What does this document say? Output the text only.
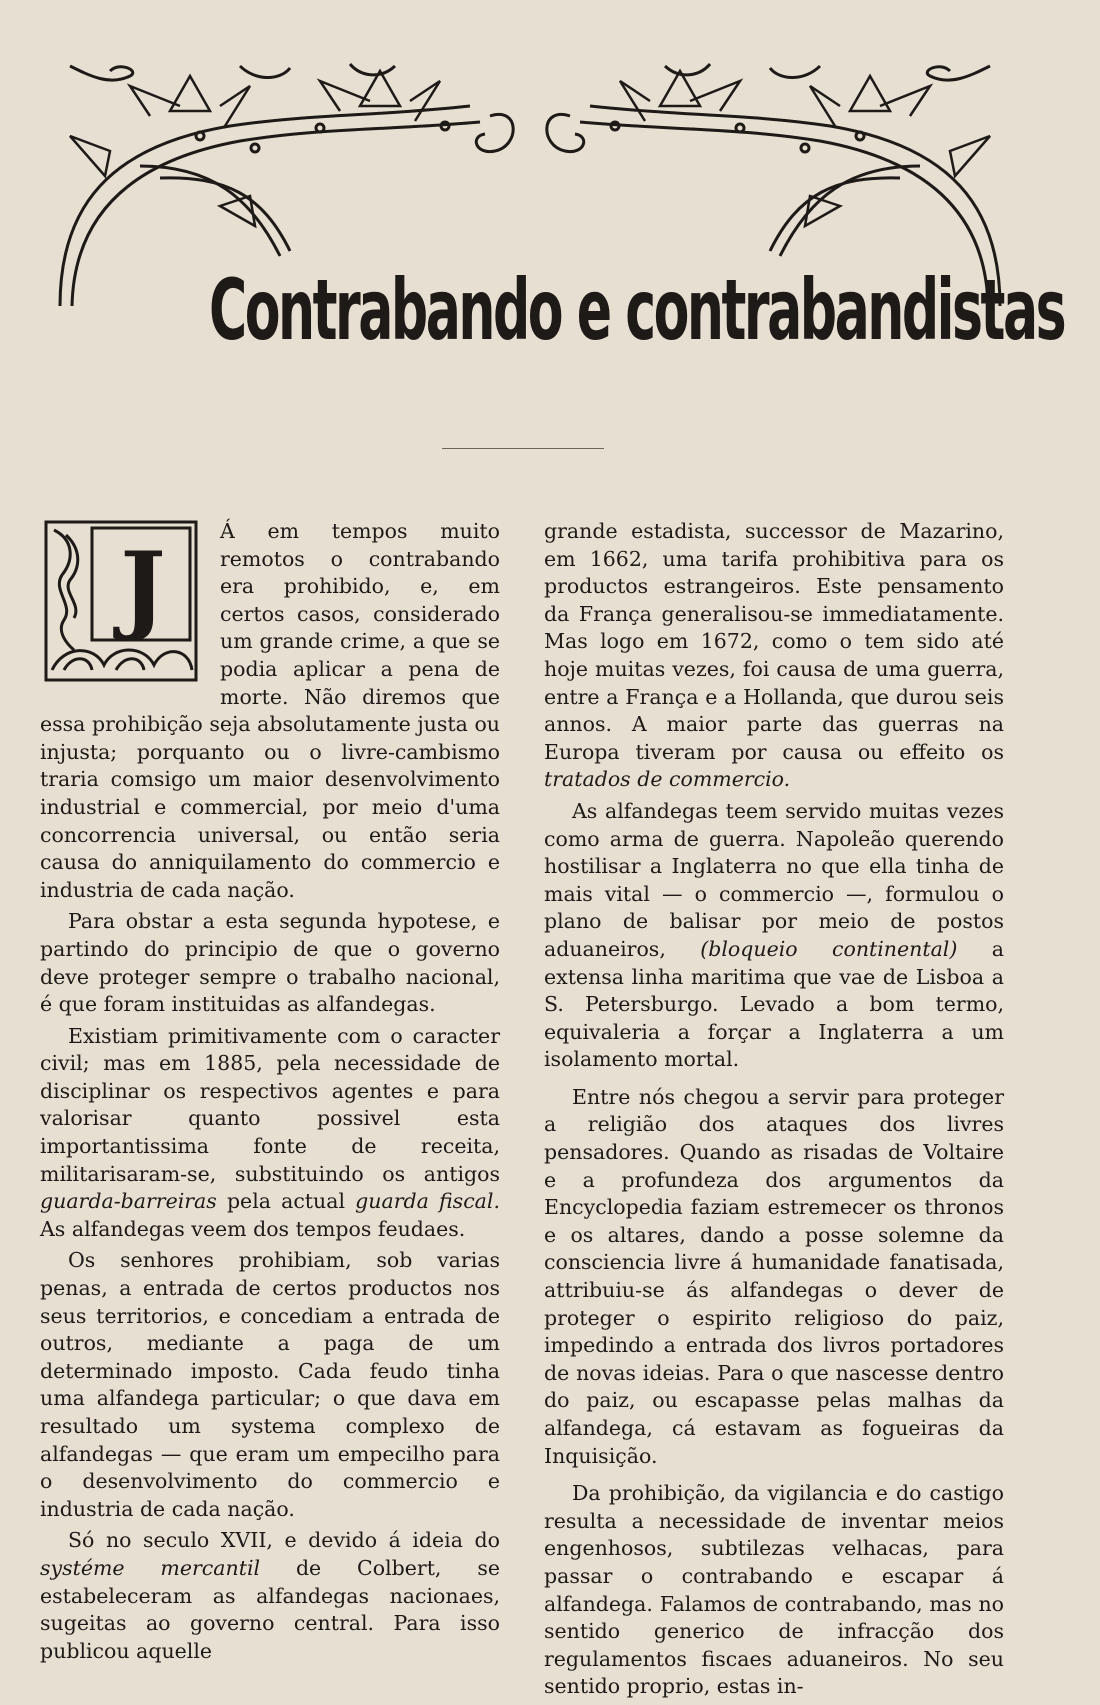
Contrabando e contrabandistas
J	Á em tempos muito remotos o contrabando era prohibido, e, em certos casos, considerado um grande crime, a que se podia aplicar a pena de morte. Não diremos que essa prohibição seja absolutamente justa ou injusta; porquanto ou o livre-cambismo traria comsigo um maior desenvolvimento industrial e commercial, por meio d'uma concorrencia universal, ou então seria causa do anniquilamento do commercio e industria de cada nação.

Para obstar a esta segunda hypotese, e partindo do principio de que o governo deve proteger sempre o trabalho nacional, é que foram instituidas as alfandegas.

Existiam primitivamente com o caracter civil; mas em 1885, pela necessidade de disciplinar os respectivos agentes e para valorisar quanto possivel esta importantissima fonte de receita, militarisaram-se, substituindo os antigos guarda-barreiras pela actual guarda fiscal. As alfandegas veem dos tempos feudaes.

Os senhores prohibiam, sob varias penas, a entrada de certos productos nos seus territorios, e concediam a entrada de outros, mediante a paga de um determinado imposto. Cada feudo tinha uma alfandega particular; o que dava em resultado um systema complexo de alfandegas — que eram um empecilho para o desenvolvimento do commercio e industria de cada nação.

Só no seculo XVII, e devido á ideia do systéme mercantil de Colbert, se estabeleceram as alfandegas nacionaes, sugeitas ao governo central. Para isso publicou aquelle

grande estadista, successor de Mazarino, em 1662, uma tarifa prohibitiva para os productos estrangeiros. Este pensamento da França generalisou-se immediatamente. Mas logo em 1672, como o tem sido até hoje muitas vezes, foi causa de uma guerra, entre a França e a Hollanda, que durou seis annos. A maior parte das guerras na Europa tiveram por causa ou effeito os tratados de commercio.

As alfandegas teem servido muitas vezes como arma de guerra. Napoleão querendo hostilisar a Inglaterra no que ella tinha de mais vital — o commercio —, formulou o plano de balisar por meio de postos aduaneiros, (bloqueio continental) a extensa linha maritima que vae de Lisboa a S. Petersburgo. Levado a bom termo, equivaleria a forçar a Inglaterra a um isolamento mortal.

Entre nós chegou a servir para proteger a religião dos ataques dos livres pensadores. Quando as risadas de Voltaire e a profundeza dos argumentos da Encyclopedia faziam estremecer os thronos e os altares, dando a posse solemne da consciencia livre á humanidade fanatisada, attribuiu-se ás alfandegas o dever de proteger o espirito religioso do paiz, impedindo a entrada dos livros portadores de novas ideias. Para o que nascesse dentro do paiz, ou escapasse pelas malhas da alfandega, cá estavam as fogueiras da Inquisição.

Da prohibição, da vigilancia e do castigo resulta a necessidade de inventar meios engenhosos, subtilezas velhacas, para passar o contrabando e escapar á alfandega. Falamos de contrabando, mas no sentido generico de infracção dos regulamentos fiscaes aduaneiros. No seu sentido proprio, estas in-
